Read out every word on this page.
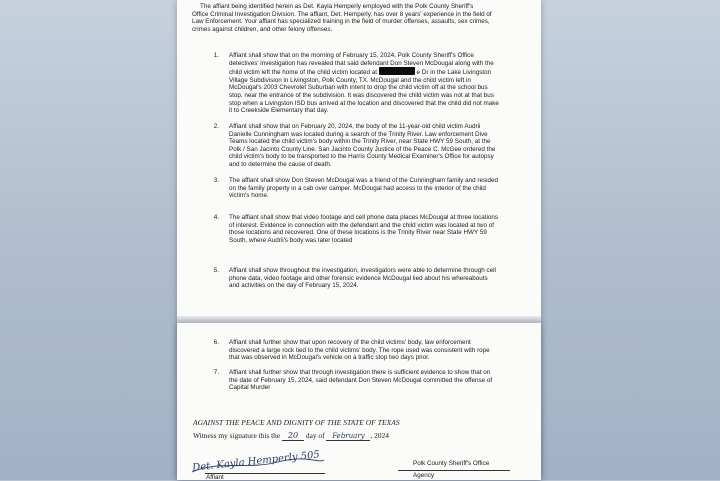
The affiant being identified herein as Det. Kayla Hemperly employed with the Polk County Sheriff's
Office Criminal Investigation Division. The affiant, Det. Hemperly, has over 8 years' experience in the field of
Law Enforcement. Your affiant has specialized training in the field of murder offenses, assaults, sex crimes,
crimes against children, and other felony offenses.
1. Affiant shall show that on the morning of February 15, 2024, Polk County Sheriff's Office
detectives' investigation has revealed that said defendant Don Steven McDougal along with the
child victim left the home of the child victim located at	e Dr in the Lake Livingston
Village Subdivision in Livingston, Polk County, TX. McDougal and the child victim left in
McDougal's 2003 Chevrolet Suburban with intent to drop the child victim off at the school bus
stop, near the entrance of the subdivision. It was discovered the child victim was not at that bus
stop when a Livingston ISD bus arrived at the location and discovered that the child did not make
it to Creekside Elementary that day.
2. Affiant shall show that on February 20, 2024, the body of the 11-year-old child victim Audrii
Danielle Cunningham was located during a search of the Trinity River. Law enforcement Dive
Teams located the child victim's body within the Trinity River, near State HWY 59 South, at the
Polk / San Jacinto County Line. San Jacinto County Justice of the Peace C. McGee ordered the
child victim's body to be transported to the Harris County Medical Examiner's Office for autopsy
and to determine the cause of death.
3. The affiant shall show Don Steven McDougal was a friend of the Cunningham family and resided
on the family property in a cab over camper. McDougal had access to the interior of the child
victim's home.
4. The affiant shall show that video footage and cell phone data places McDougal at three locations
of interest. Evidence in connection with the defendant and the child victim was located at two of
those locations and recovered. One of these locations is the Trinity River near State HWY 59
South, where Audrii's body was later located
5. Affiant shall show throughout the investigation, investigators were able to determine through cell
phone data, video footage and other forensic evidence McDougal lied about his whereabouts
and activities on the day of February 15, 2024.
6. Affiant shall further show that upon recovery of the child victims' body, law enforcement
discovered a large rock tied to the child victims' body. The rope used was consistent with rope
that was observed in McDougal's vehicle on a traffic stop two days prior.
7. Affiant shall further show that through investigation there is sufficient evidence to show that on
the date of February 15, 2024, said defendant Don Steven McDougal committed the offense of
Capital Murder
AGAINST THE PEACE AND DIGNITY OF THE STATE OF TEXAS
Witness my signature this the 20 day of February , 2024
Det. Kayla Hemperly 505
Affiant
Polk County Sheriff's Office
Agency
